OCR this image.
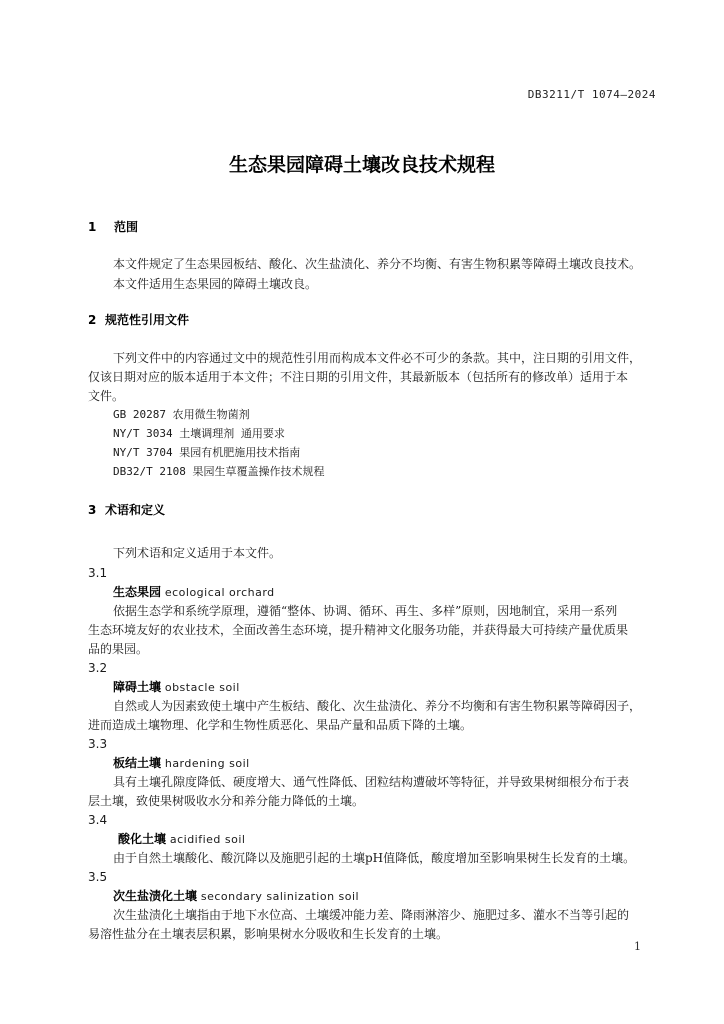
DB3211/T 1074—2024
生态果园障碍土壤改良技术规程
1 范围
本文件规定了生态果园板结、酸化、次生盐渍化、养分不均衡、有害生物积累等障碍土壤改良技术。
本文件适用生态果园的障碍土壤改良。
2 规范性引用文件
下列文件中的内容通过文中的规范性引用而构成本文件必不可少的条款。其中，注日期的引用文件，
仅该日期对应的版本适用于本文件；不注日期的引用文件，其最新版本（包括所有的修改单）适用于本
文件。
GB 20287 农用微生物菌剂
NY/T 3034 土壤调理剂 通用要求
NY/T 3704 果园有机肥施用技术指南
DB32/T 2108 果园生草覆盖操作技术规程
3 术语和定义
下列术语和定义适用于本文件。
3.1
生态果园 ecological orchard
依据生态学和系统学原理，遵循“整体、协调、循环、再生、多样”原则，因地制宜，采用一系列
生态环境友好的农业技术，全面改善生态环境，提升精神文化服务功能，并获得最大可持续产量优质果
品的果园。
3.2
障碍土壤 obstacle soil
自然或人为因素致使土壤中产生板结、酸化、次生盐渍化、养分不均衡和有害生物积累等障碍因子，
进而造成土壤物理、化学和生物性质恶化、果品产量和品质下降的土壤。
3.3
板结土壤 hardening soil
具有土壤孔隙度降低、硬度增大、通气性降低、团粒结构遭破坏等特征，并导致果树细根分布于表
层土壤，致使果树吸收水分和养分能力降低的土壤。
3.4
酸化土壤 acidified soil
由于自然土壤酸化、酸沉降以及施肥引起的土壤pH值降低，酸度增加至影响果树生长发育的土壤。
3.5
次生盐渍化土壤 secondary salinization soil
次生盐渍化土壤指由于地下水位高、土壤缓冲能力差、降雨淋溶少、施肥过多、灌水不当等引起的
易溶性盐分在土壤表层积累，影响果树水分吸收和生长发育的土壤。
1
